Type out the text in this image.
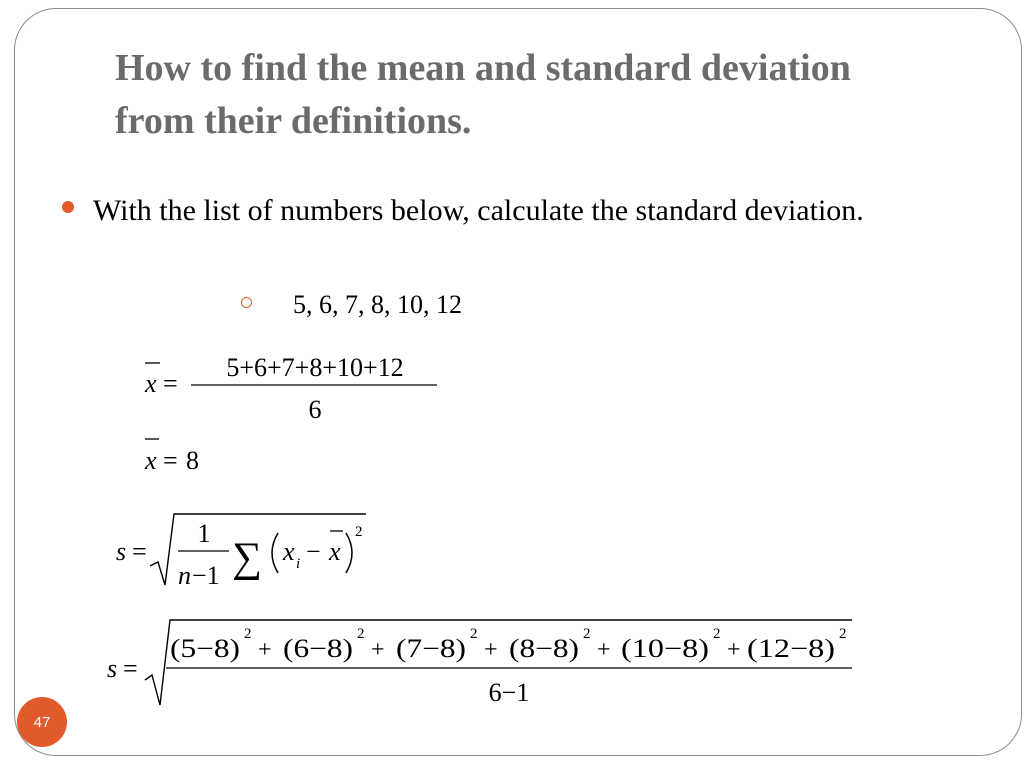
How to find the mean and standard deviation from their definitions.

With the list of numbers below, calculate the standard deviation.

5, 6, 7, 8, 10, 12
x =
5+6+7+8+10+12
6
x = 8
s =
1
n −1 ∑ x i − x
2
s =
(5−8) 2
+ (6−8) 2
+ (7−8) 2
+ (8−8) 2
+ (10−8) 2
+ (12−8) 2
6−1
47
